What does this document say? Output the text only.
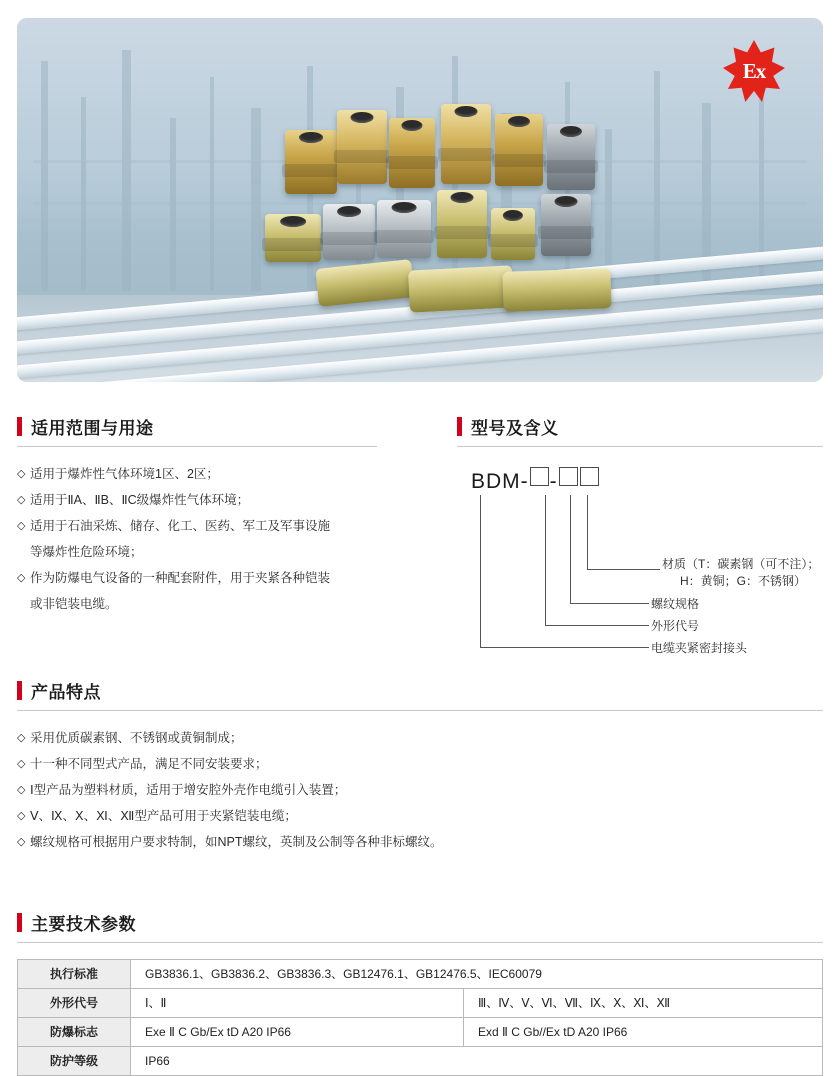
Ex
适用范围与用途
◇ 适用于爆炸性气体环境1区、2区；
◇ 适用于ⅡA、ⅡB、ⅡC级爆炸性气体环境；
◇ 适用于石油采炼、储存、化工、医药、军工及军事设施

等爆炸性危险环境；
◇ 作为防爆电气设备的一种配套附件，用于夹紧各种铠装

或非铠装电缆。
型号及含义
BDM- -
材质（T：碳素钢（可不注）；
H：黄铜；G：不锈钢）
螺纹规格
外形代号
电缆夹紧密封接头
产品特点
◇ 采用优质碳素钢、不锈钢或黄铜制成；
◇ 十一种不同型式产品，满足不同安装要求；
◇ Ⅰ型产品为塑料材质，适用于增安腔外壳作电缆引入装置；
◇ Ⅴ、Ⅸ、Ⅹ、Ⅺ、Ⅻ型产品可用于夹紧铠装电缆；
◇ 螺纹规格可根据用户要求特制，如NPT螺纹，英制及公制等各种非标螺纹。
主要技术参数
执行标准	GB3836.1、GB3836.2、GB3836.3、GB12476.1、GB12476.5、IEC60079	
外形代号	Ⅰ、Ⅱ	Ⅲ、Ⅳ、Ⅴ、Ⅵ、Ⅶ、Ⅸ、Ⅹ、Ⅺ、Ⅻ
防爆标志	Exe Ⅱ C Gb/Ex tD A20 IP66	Exd Ⅱ C Gb//Ex tD A20 IP66
防护等级	IP66	
